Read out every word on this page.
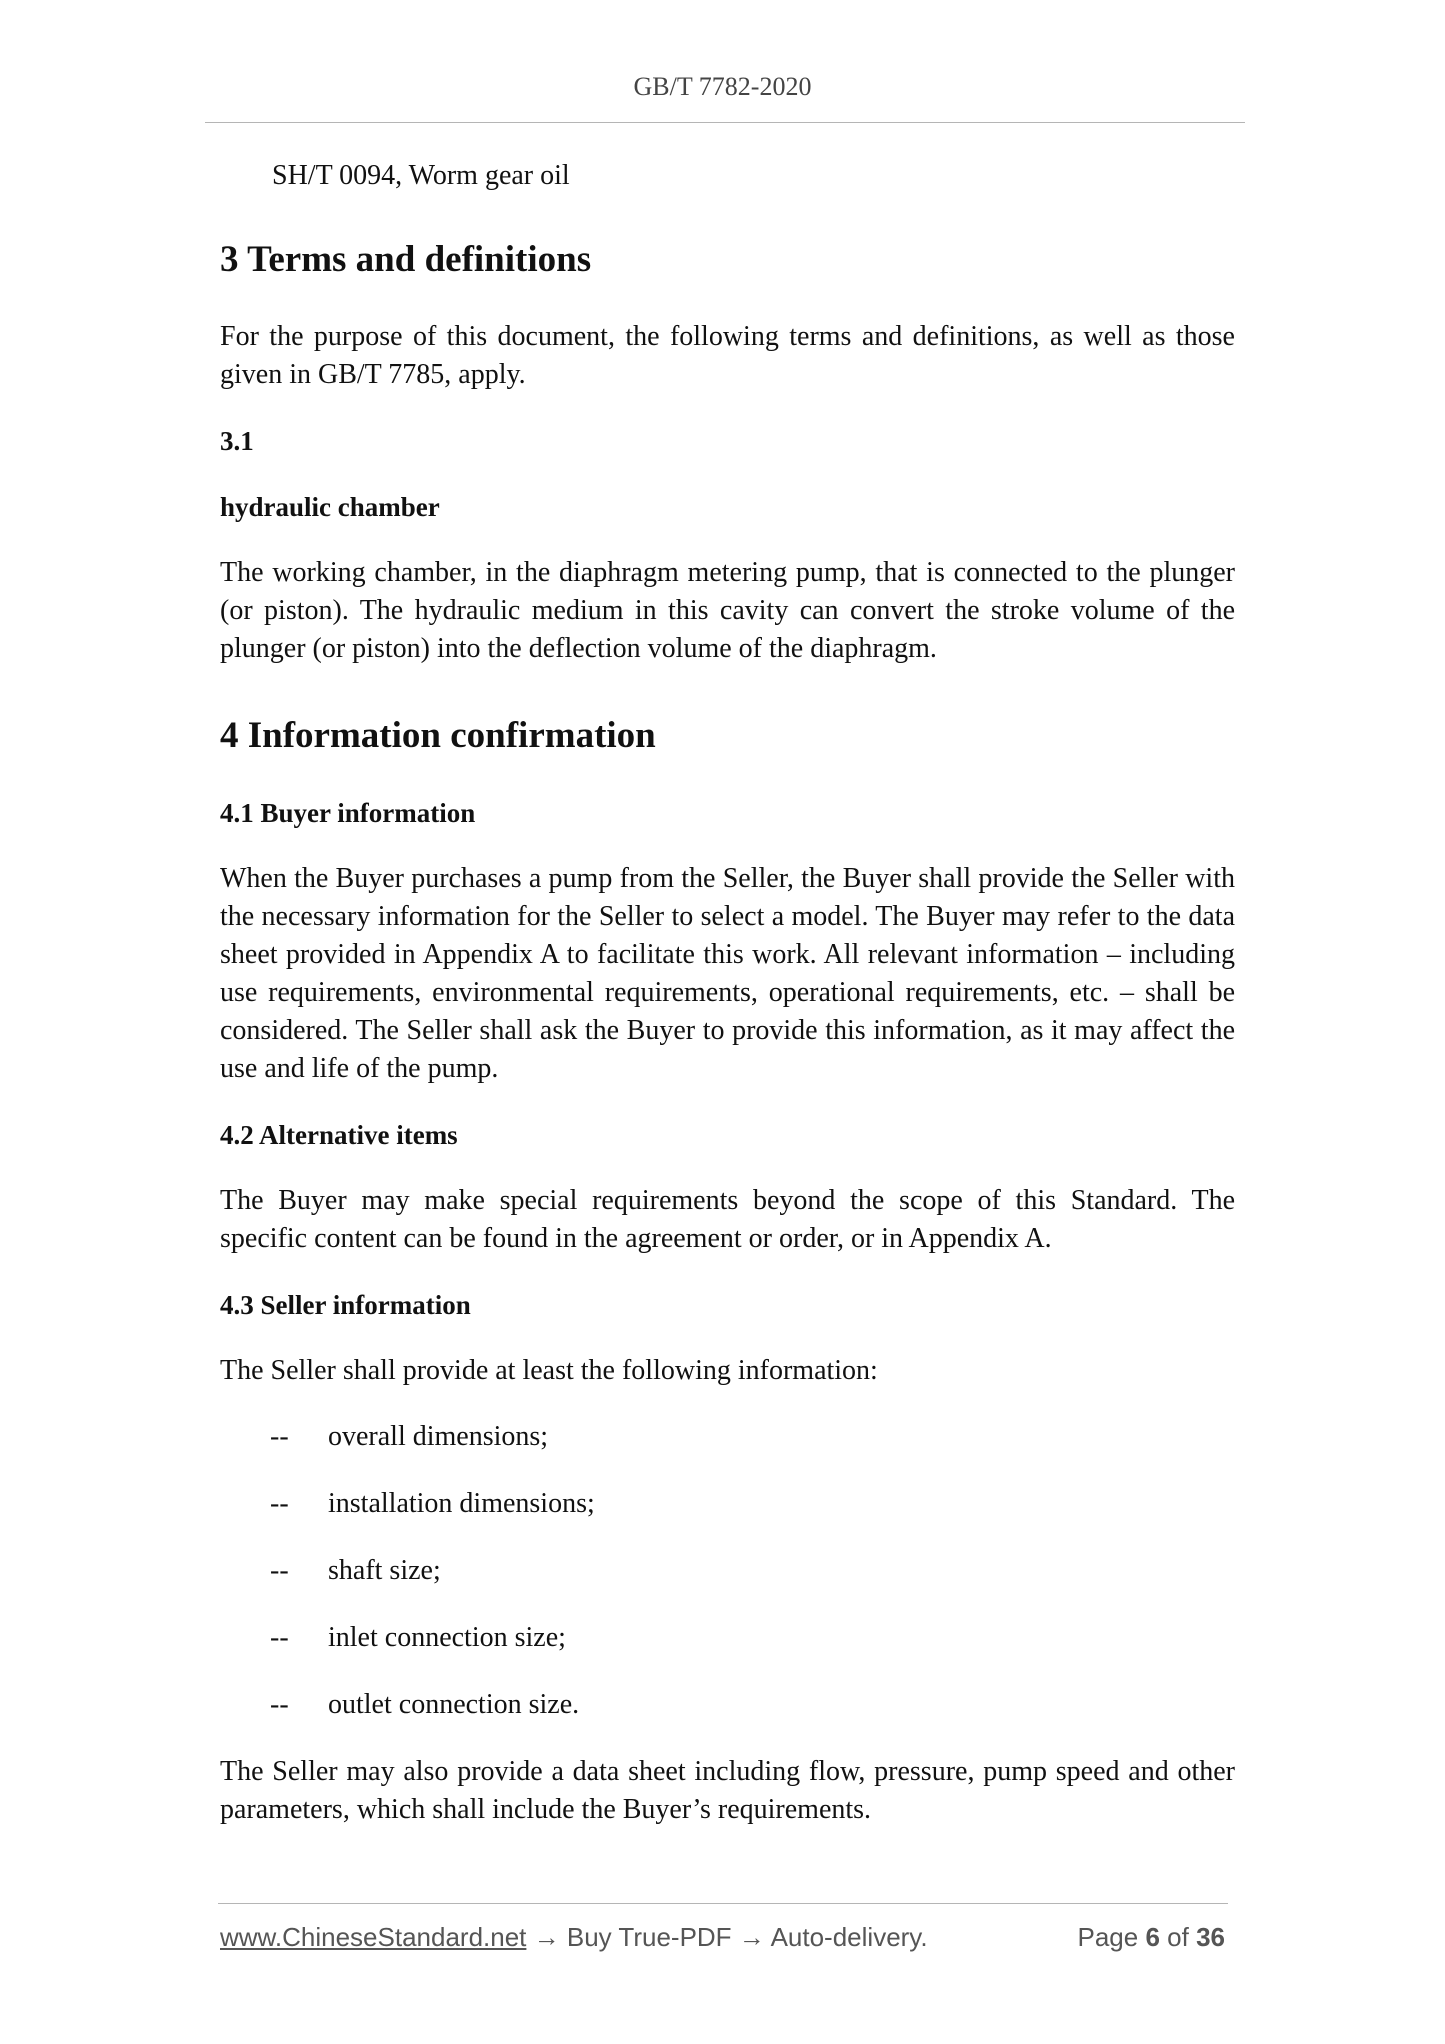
GB/T 7782-2020

SH/T 0094, Worm gear oil

3 Terms and definitions

For the purpose of this document, the following terms and definitions, as well as those given in GB/T 7785, apply.

3.1
hydraulic chamber

The working chamber, in the diaphragm metering pump, that is connected to the plunger (or piston). The hydraulic medium in this cavity can convert the stroke volume of the plunger (or piston) into the deflection volume of the diaphragm.

4 Information confirmation
4.1 Buyer information

When the Buyer purchases a pump from the Seller, the Buyer shall provide the Seller with the necessary information for the Seller to select a model. The Buyer may refer to the data sheet provided in Appendix A to facilitate this work. All relevant information – including use requirements, environmental requirements, operational requirements, etc. – shall be considered. The Seller shall ask the Buyer to provide this information, as it may affect the use and life of the pump.

4.2 Alternative items

The Buyer may make special requirements beyond the scope of this Standard. The specific content can be found in the agreement or order, or in Appendix A.

4.3 Seller information

The Seller shall provide at least the following information:

-- overall dimensions;
-- installation dimensions;
-- shaft size;
-- inlet connection size;
-- outlet connection size.

The Seller may also provide a data sheet including flow, pressure, pump speed and other parameters, which shall include the Buyer’s requirements.

www.ChineseStandard.net → Buy True-PDF → Auto-delivery.	Page 6 of 36
